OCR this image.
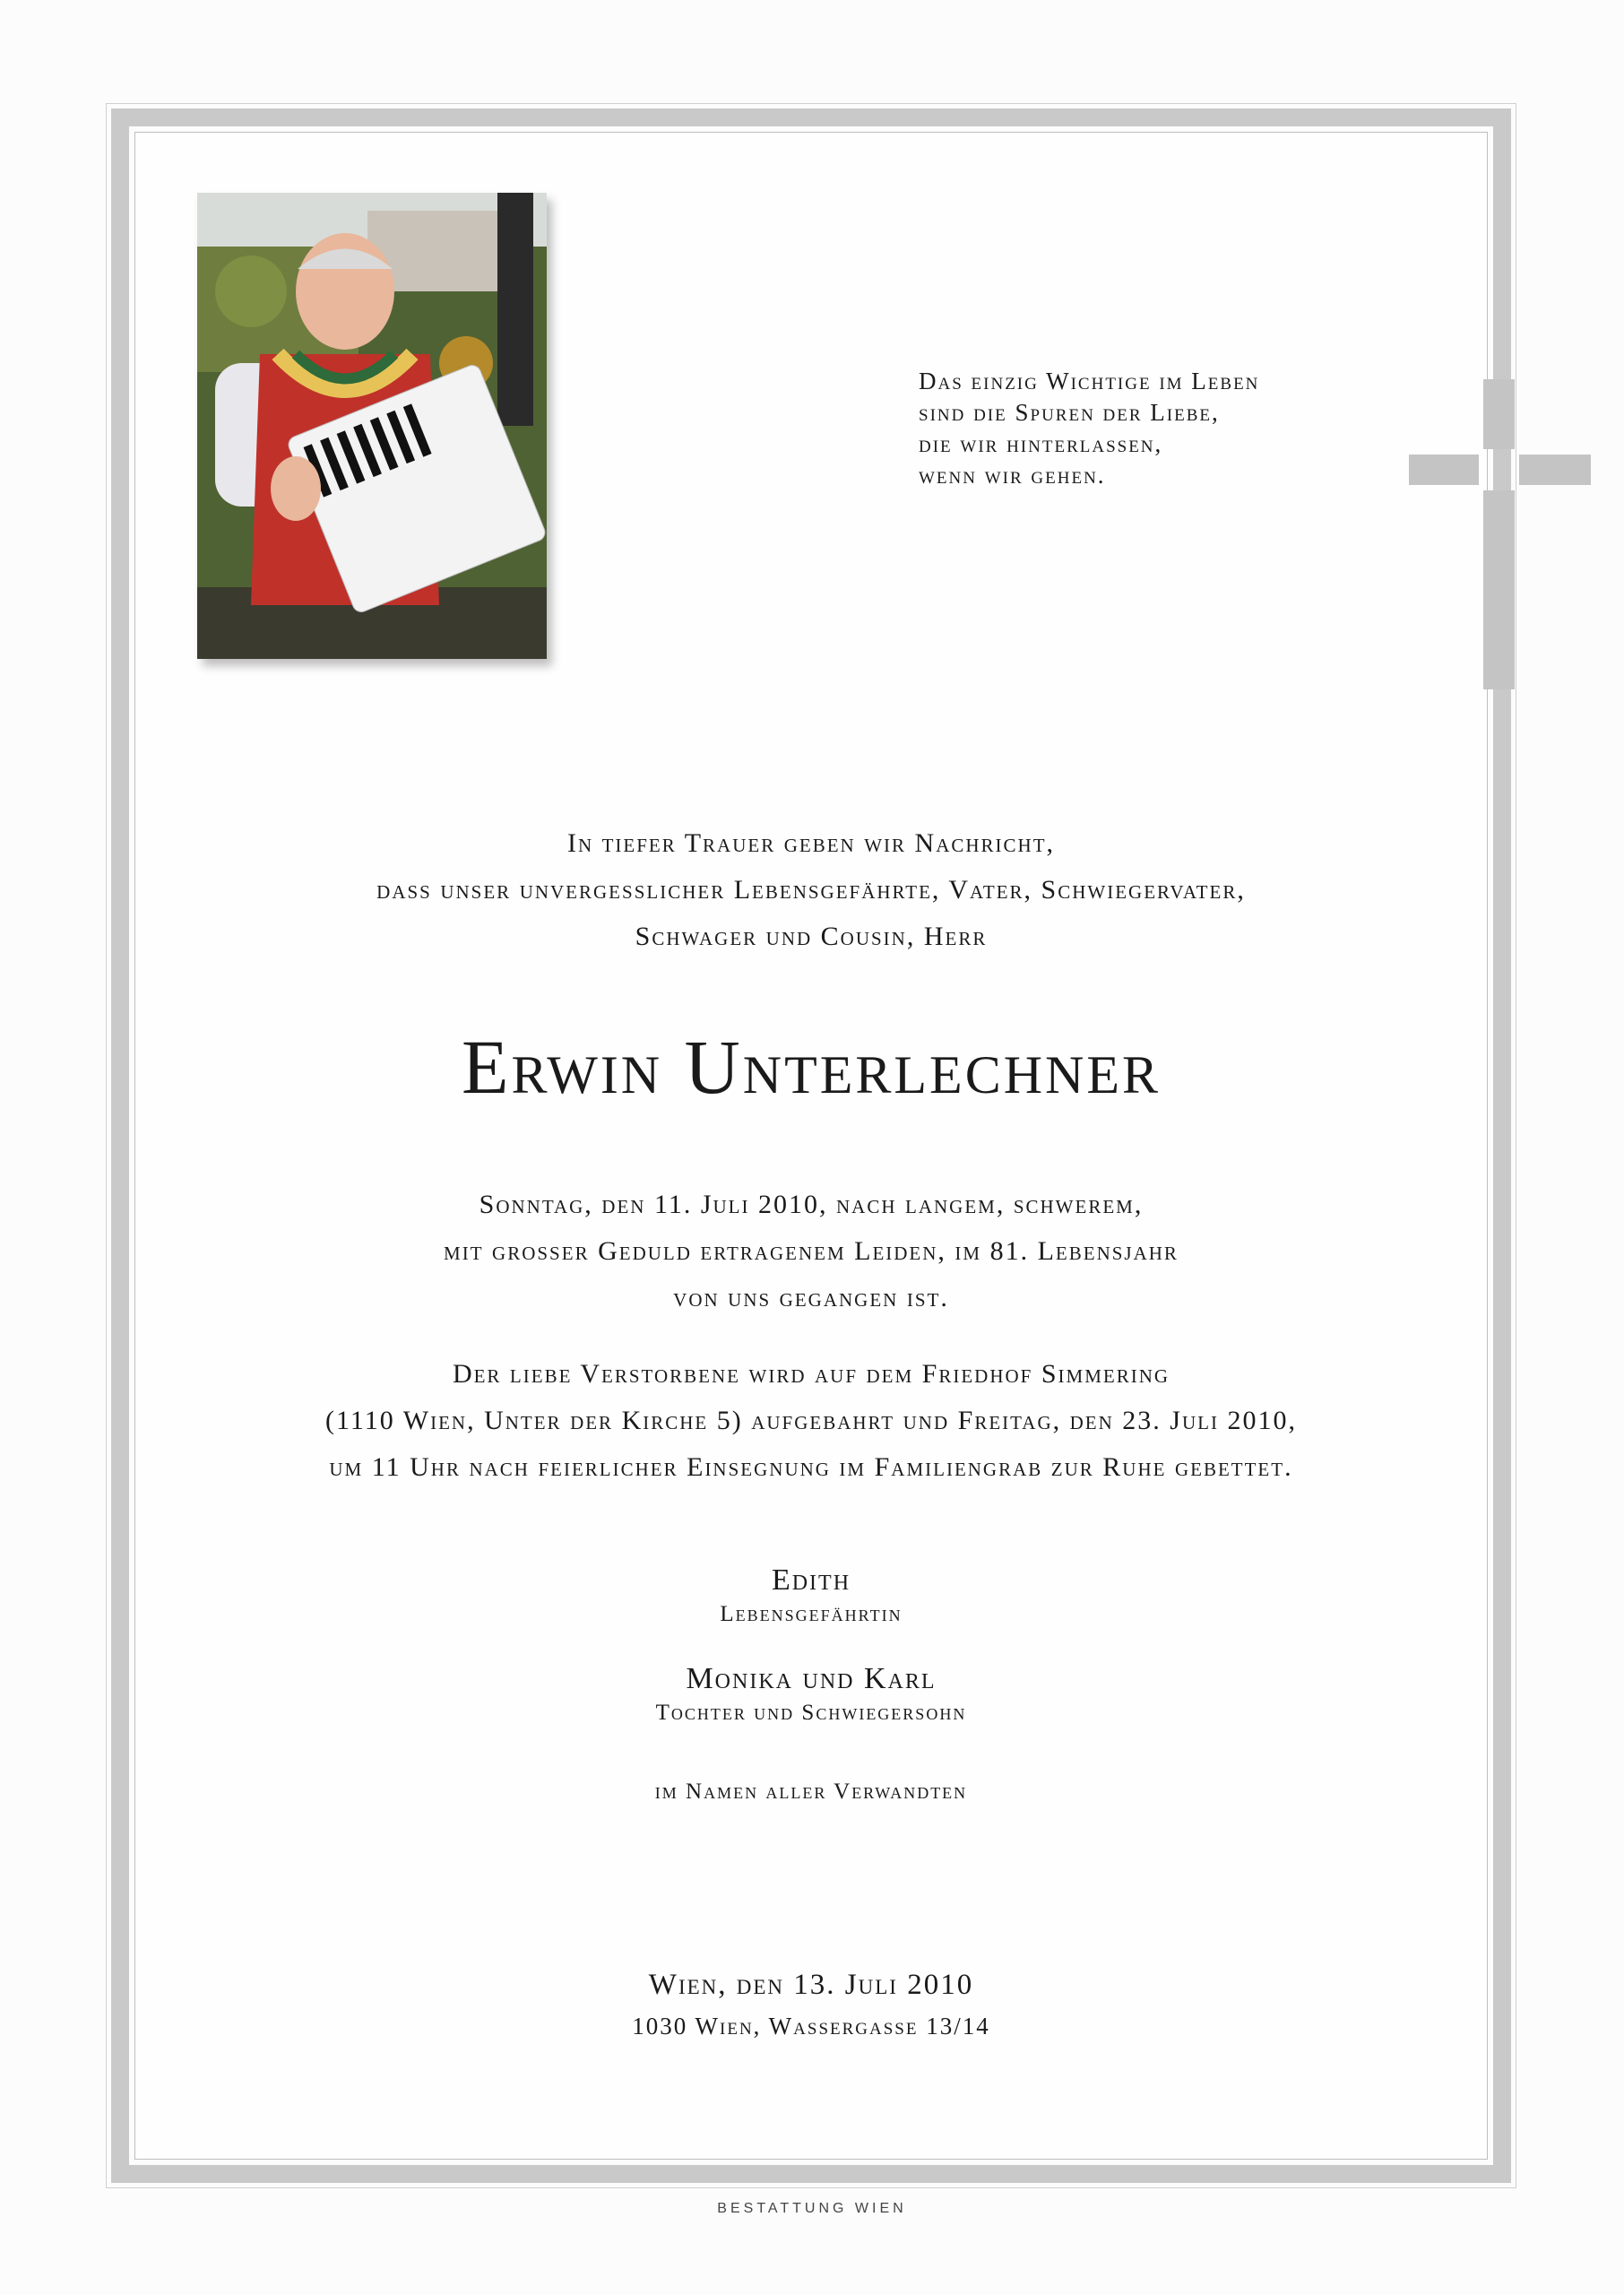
Das einzig Wichtige im Leben
sind die Spuren der Liebe,
die wir hinterlassen,
wenn wir gehen.
In tiefer Trauer geben wir Nachricht,
dass unser unvergesslicher Lebensgefährte, Vater, Schwiegervater,
Schwager und Cousin, Herr
Erwin Unterlechner
Sonntag, den 11. Juli 2010, nach langem, schwerem,
mit grosser Geduld ertragenem Leiden, im 81. Lebensjahr
von uns gegangen ist.
Der liebe Verstorbene wird auf dem Friedhof Simmering
(1110 Wien, Unter der Kirche 5) aufgebahrt und Freitag, den 23. Juli 2010,
um 11 Uhr nach feierlicher Einsegnung im Familiengrab zur Ruhe gebettet.
Edith
Lebensgefährtin
Monika und Karl
Tochter und Schwiegersohn
im Namen aller Verwandten
Wien, den 13. Juli 2010
1030 Wien, Wassergasse 13/14
BESTATTUNG WIEN
